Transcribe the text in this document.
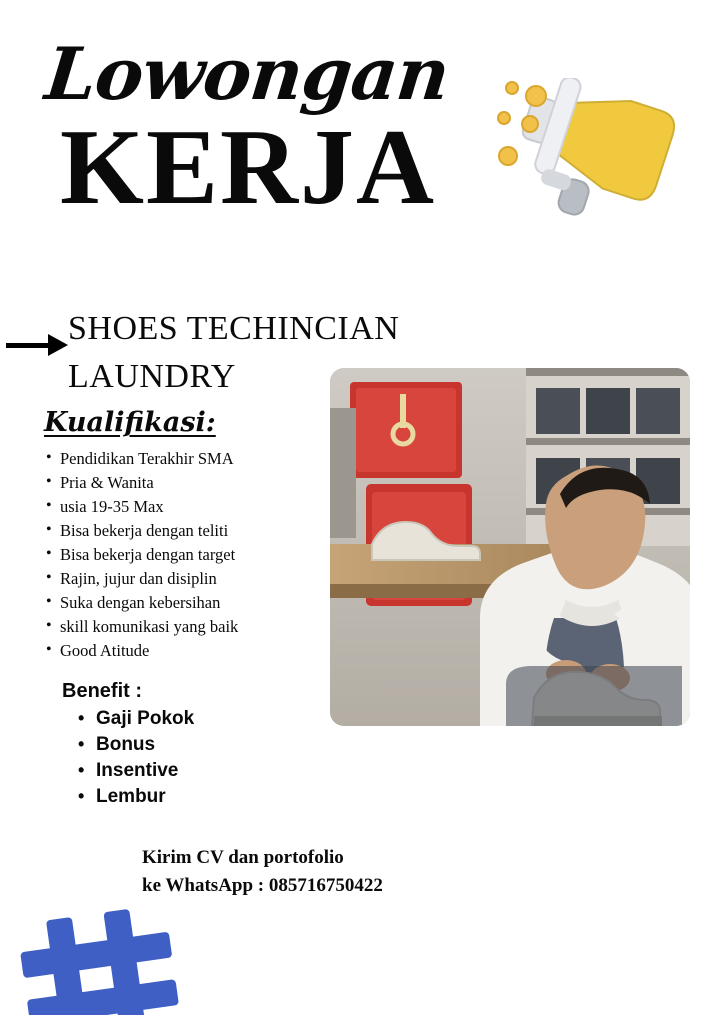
Lowongan
KERJA
SHOES TECHINCIAN
LAUNDRY
Kualifikasi:
• Pendidikan Terakhir SMA
• Pria & Wanita
• usia 19-35 Max
• Bisa bekerja dengan teliti
• Bisa bekerja dengan target
• Rajin, jujur dan disiplin
• Suka dengan kebersihan
• skill komunikasi yang baik
• Good Atitude
Benefit :
• Gaji Pokok
• Bonus
• Insentive
• Lembur
Kirim CV dan portofolio
ke WhatsApp : 085716750422
